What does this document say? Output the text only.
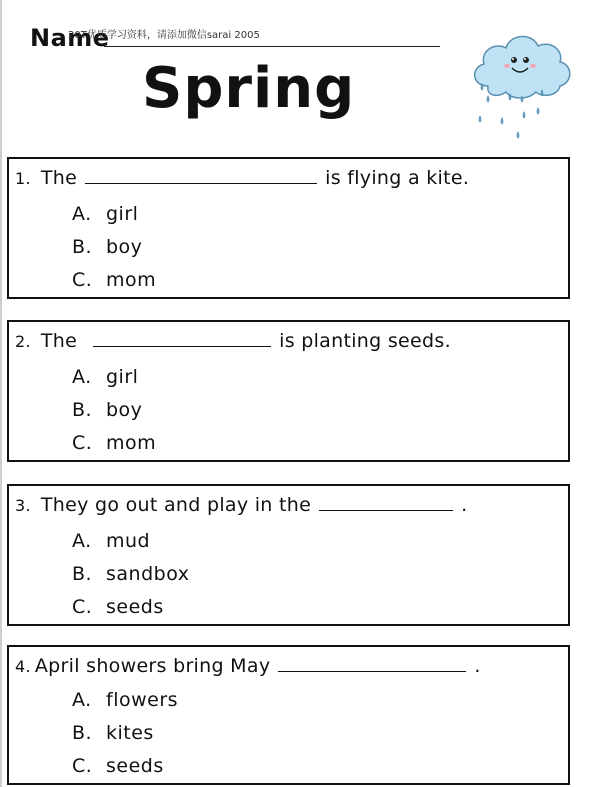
Name
20T优质学习资料，请添加微信sarai 2005
Spring
1. The	is flying a kite.
A. girl
B. boy
C. mom
2. The	is planting seeds.
A. girl
B. boy
C. mom
3. They go out and play in the	.
A. mud
B. sandbox
C. seeds
4. April showers bring May	.
A. flowers
B. kites
C. seeds
